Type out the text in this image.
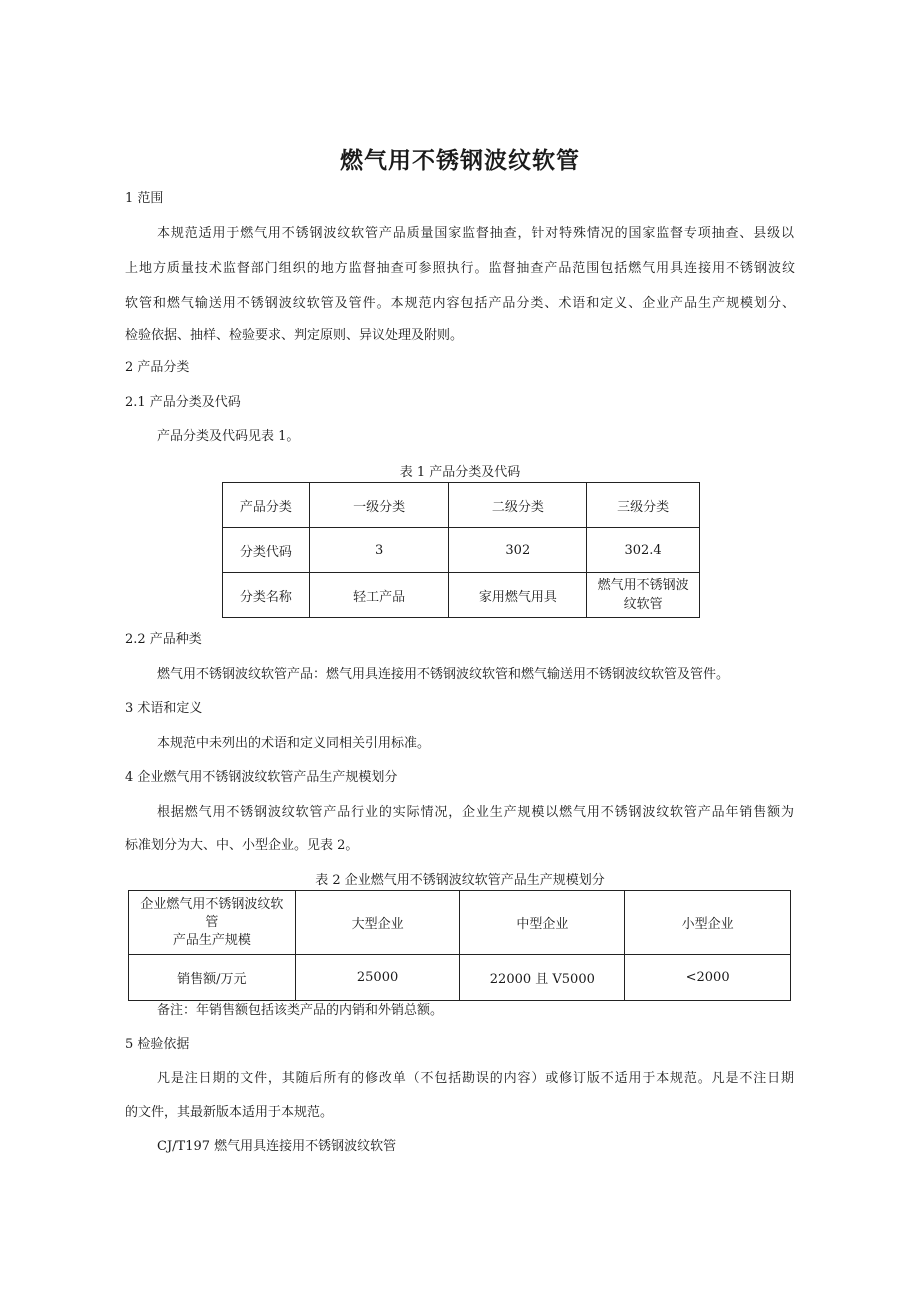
燃气用不锈钢波纹软管
1 范围
本规范适用于燃气用不锈钢波纹软管产品质量国家监督抽查，针对特殊情况的国家监督专项抽查、县级以
上地方质量技术监督部门组织的地方监督抽查可参照执行。监督抽查产品范围包括燃气用具连接用不锈钢波纹
软管和燃气输送用不锈钢波纹软管及管件。本规范内容包括产品分类、术语和定义、企业产品生产规模划分、
检验依据、抽样、检验要求、判定原则、异议处理及附则。
2 产品分类
2.1 产品分类及代码
产品分类及代码见表 1。
表 1 产品分类及代码
产品分类	一级分类	二级分类	三级分类
分类代码	3	302	302.4
分类名称	轻工产品	家用燃气用具	燃气用不锈钢波
纹软管
2.2 产品种类
燃气用不锈钢波纹软管产品：燃气用具连接用不锈钢波纹软管和燃气输送用不锈钢波纹软管及管件。
3 术语和定义
本规范中未列出的术语和定义同相关引用标准。
4 企业燃气用不锈钢波纹软管产品生产规模划分
根据燃气用不锈钢波纹软管产品行业的实际情况，企业生产规模以燃气用不锈钢波纹软管产品年销售额为
标准划分为大、中、小型企业。见表 2。
表 2 企业燃气用不锈钢波纹软管产品生产规模划分
企业燃气用不锈钢波纹软
管
产品生产规模	大型企业	中型企业	小型企业
销售额/万元	25000	22000 且 V5000	<2000
备注：年销售额包括该类产品的内销和外销总额。
5 检验依据
凡是注日期的文件，其随后所有的修改单（不包括勘误的内容）或修订版不适用于本规范。凡是不注日期
的文件，其最新版本适用于本规范。
CJ/T197 燃气用具连接用不锈钢波纹软管
